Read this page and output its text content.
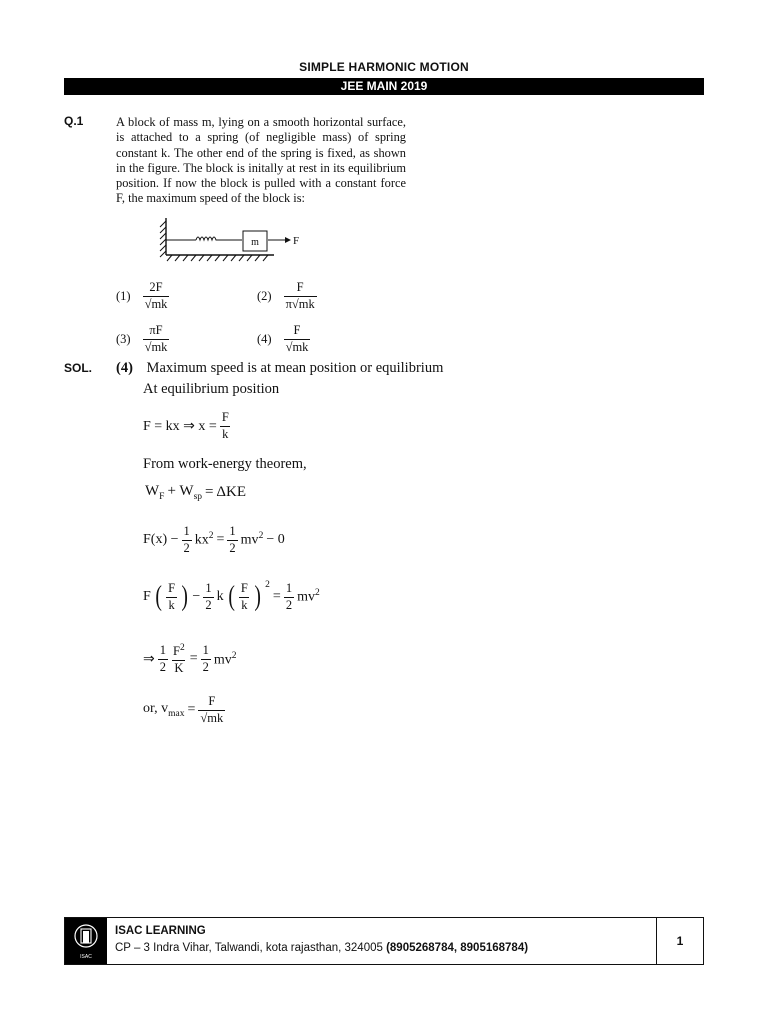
SIMPLE HARMONIC MOTION
JEE MAIN 2019
Q.1	A block of mass m, lying on a smooth horizontal surface,
is attached to a spring (of negligible mass) of spring
constant k. The other end of the spring is fixed, as shown
in the figure. The block is initally at rest in its equilibrium
position. If now the block is pulled with a constant force
F, the maximum speed of the block is:
m	F
$(1) \frac{2F}{√mk}$	$(2) \frac{F}{\pi√mk}$
$(3) \frac{\pi F}{√mk}$	$(4) \frac{F}{√mk}$
SOL. (4) Maximum speed is at mean position or equilibrium
At equilibrium position
F = kx ⇒ $x = \frac{F}{k}$
From work-energy theorem,
$W_F + W_{sp} = \Delta KE$
$F(x) - \frac{1}{2} kx^2 = \frac{1}{2} mv^2 - 0$
F ( $\frac{F}{k}$ ) − $\frac{1}{2}$ k ( $\frac{F}{k}$ ) $^2$
= $\frac{1}{2} mv^2$
⇒ $\frac{1}{2} \frac{F^2}{K} = \frac{1}{2} mv^2$
or, $v_{max} = \frac{F}{√mk}$
ISAC
ISAC LEARNING
CP – 3 Indra Vihar, Talwandi, kota rajasthan, 324005 (8905268784, 8905168784)	1
